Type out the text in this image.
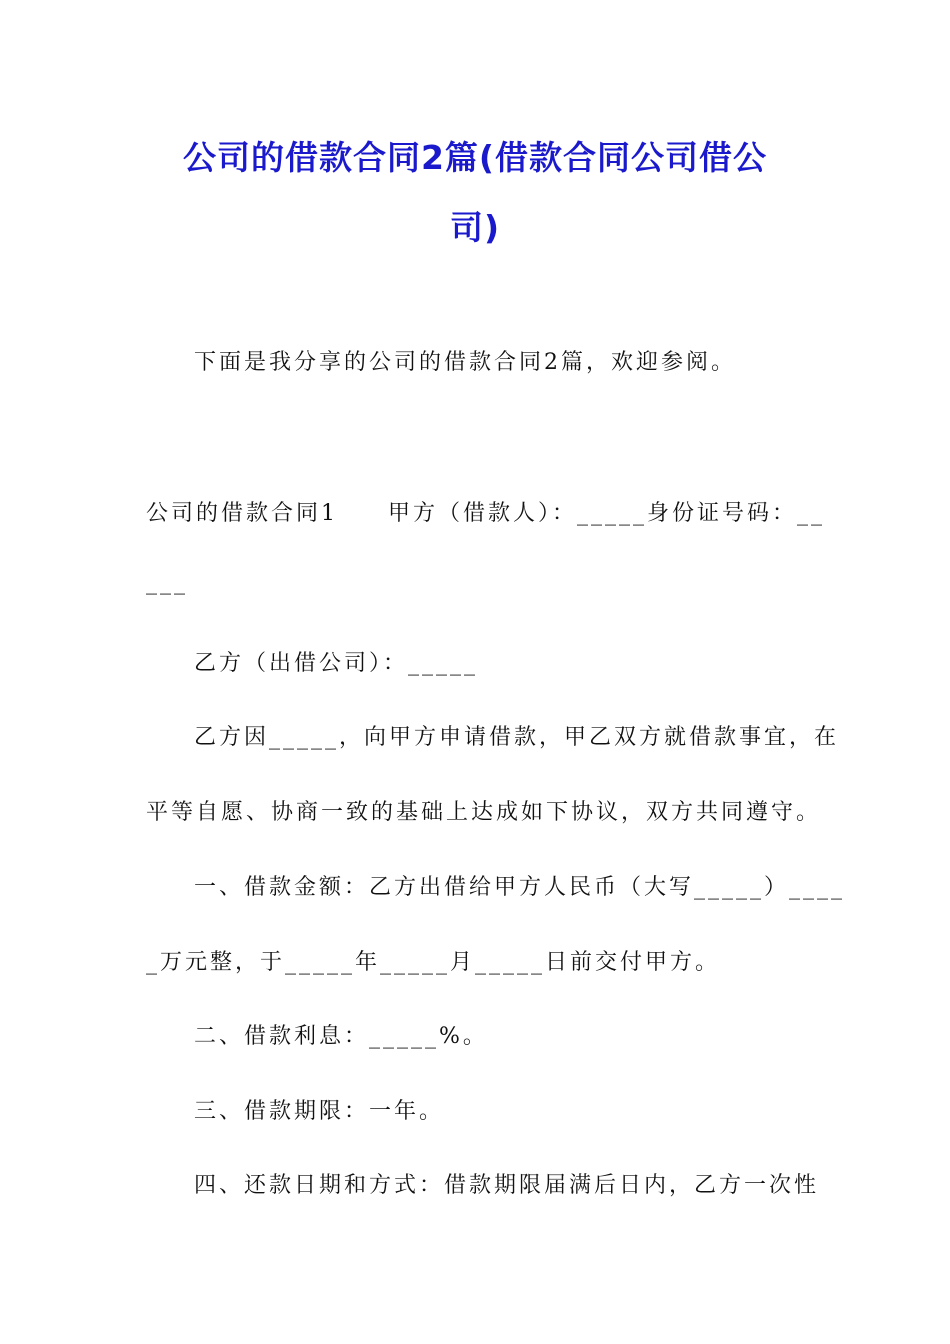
公司的借款合同2篇(借款合同公司借公
司)
下面是我分享的公司的借款合同2篇，欢迎参阅。
公司的借款合同1　　甲方（借款人）：_____身份证号码：__
___
乙方（出借公司）：_____
乙方因_____，向甲方申请借款，甲乙双方就借款事宜，在
平等自愿、协商一致的基础上达成如下协议，双方共同遵守。
一、借款金额：乙方出借给甲方人民币（大写_____）____
_万元整，于_____年_____月_____日前交付甲方。
二、借款利息：_____%。
三、借款期限：一年。
四、还款日期和方式：借款期限届满后日内，乙方一次性
